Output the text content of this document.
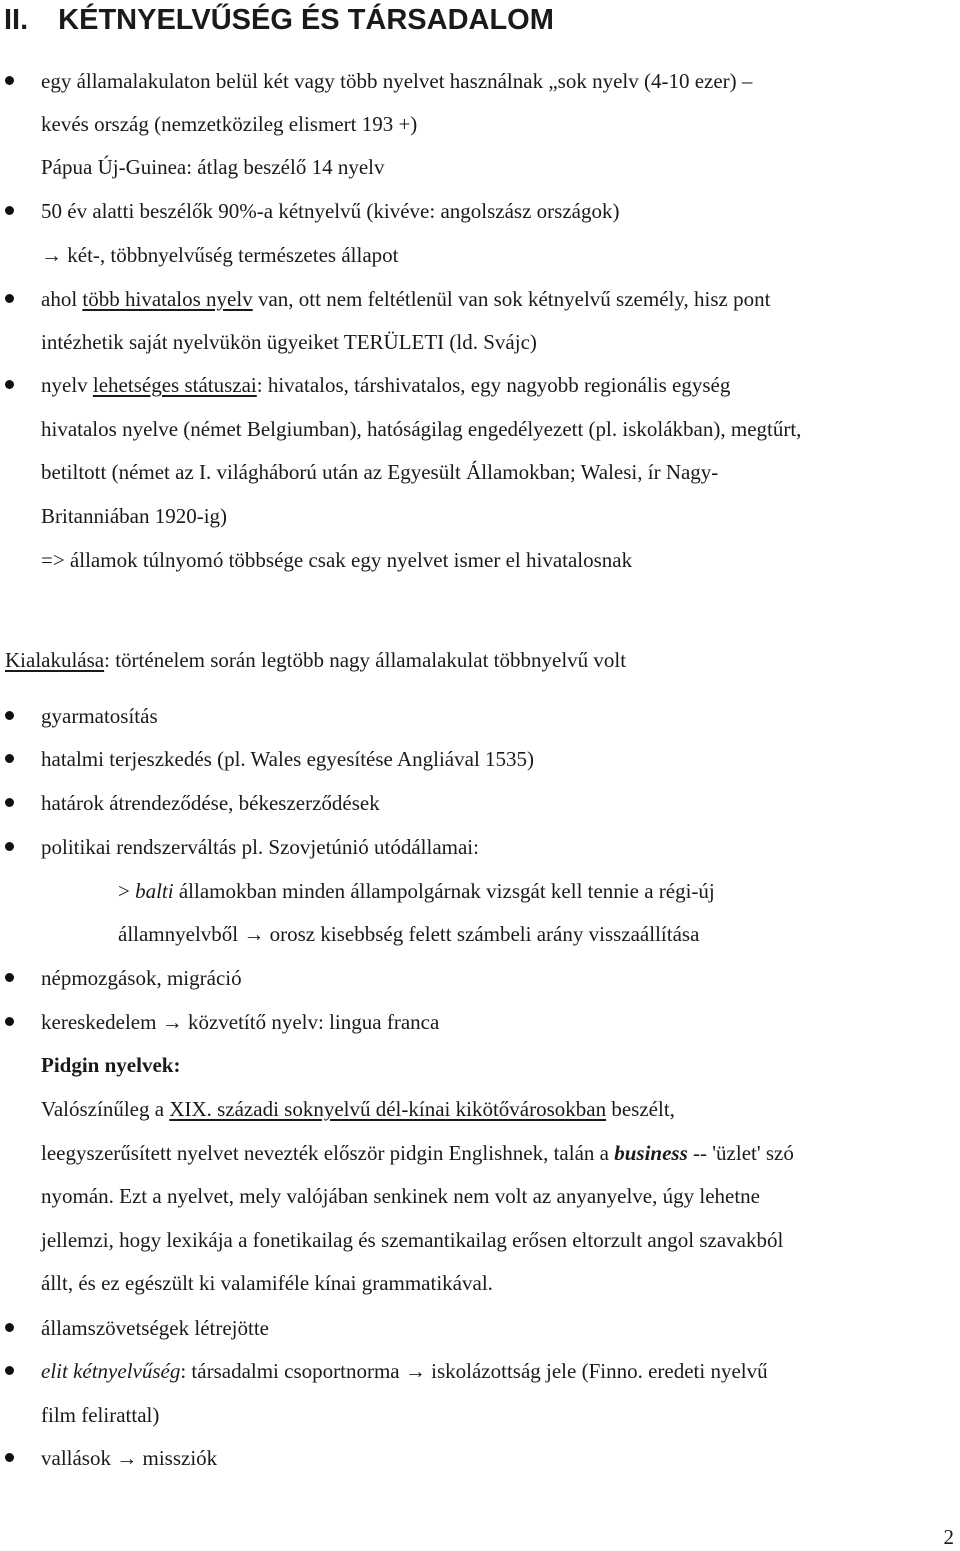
II. KÉTNYELVŰSÉG ÉS TÁRSADALOM

egy államalakulaton belül két vagy több nyelvet használnak „sok nyelv (4-10 ezer) –

kevés ország (nemzetközileg elismert 193 +)

Pápua Új-Guinea: átlag beszélő 14 nyelv

50 év alatti beszélők 90%-a kétnyelvű (kivéve: angolszász országok)

→ két-, többnyelvűség természetes állapot

ahol több hivatalos nyelv van, ott nem feltétlenül van sok kétnyelvű személy, hisz pont

intézhetik saját nyelvükön ügyeiket TERÜLETI (ld. Svájc)

nyelv lehetséges státuszai: hivatalos, társhivatalos, egy nagyobb regionális egység

hivatalos nyelve (német Belgiumban), hatóságilag engedélyezett (pl. iskolákban), megtűrt,

betiltott (német az I. világháború után az Egyesült Államokban; Walesi, ír Nagy-

Britanniában 1920-ig)

=> államok túlnyomó többsége csak egy nyelvet ismer el hivatalosnak

Kialakulása: történelem során legtöbb nagy államalakulat többnyelvű volt

gyarmatosítás

hatalmi terjeszkedés (pl. Wales egyesítése Angliával 1535)

határok átrendeződése, békeszerződések

politikai rendszerváltás pl. Szovjetúnió utódállamai:

> balti államokban minden állampolgárnak vizsgát kell tennie a régi-új

államnyelvből → orosz kisebbség felett számbeli arány visszaállítása

népmozgások, migráció

kereskedelem → közvetítő nyelv: lingua franca

Pidgin nyelvek:

Valószínűleg a XIX. századi soknyelvű dél-kínai kikötővárosokban beszélt,

leegyszerűsített nyelvet nevezték először pidgin Englishnek, talán a business -- 'üzlet' szó

nyomán. Ezt a nyelvet, mely valójában senkinek nem volt az anyanyelve, úgy lehetne

jellemzi, hogy lexikája a fonetikailag és szemantikailag erősen eltorzult angol szavakból

állt, és ez egészült ki valamiféle kínai grammatikával.

államszövetségek létrejötte

elit kétnyelvűség: társadalmi csoportnorma → iskolázottság jele (Finno. eredeti nyelvű

film felirattal)

vallások → missziók

2
